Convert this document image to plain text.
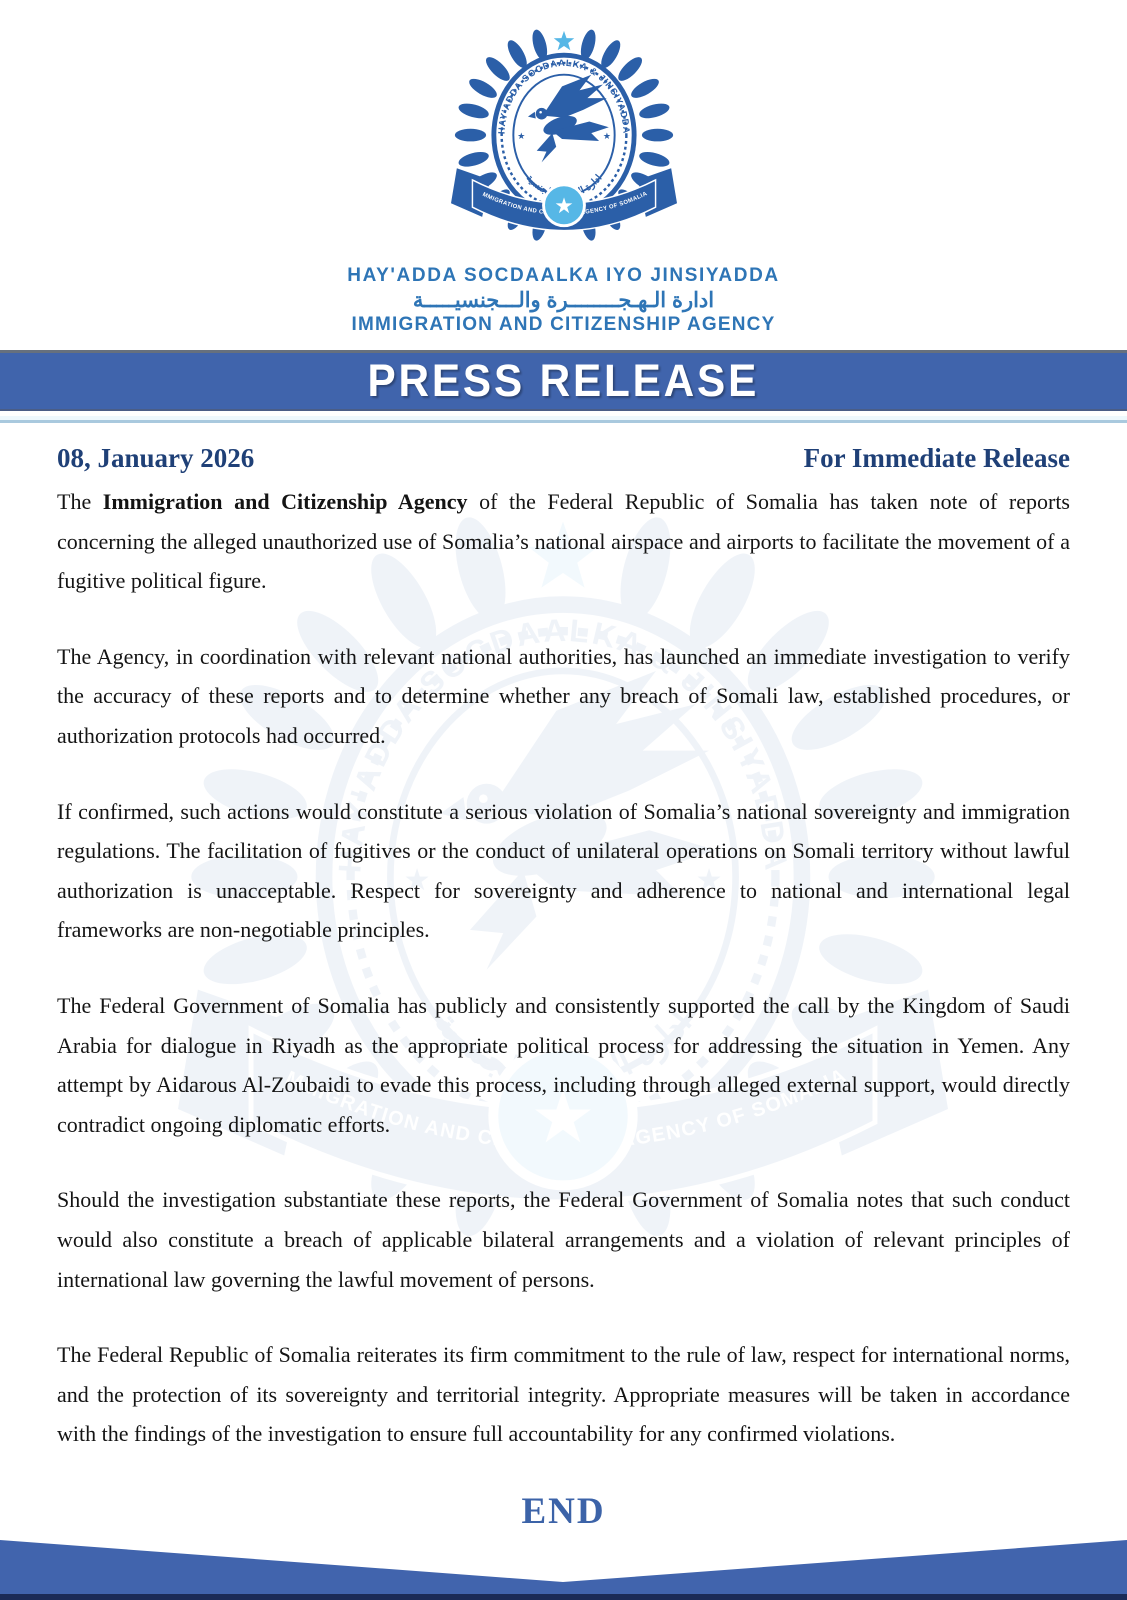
HAY'ADDA SOCDAALKA IYO JINSIYADDA
ادارة الـهـجــــــــرة والـــجنسيـــــة
IMMIGRATION AND CITIZENSHIP AGENCY
PRESS RELEASE
08, January 2026	For Immediate Release

The Immigration and Citizenship Agency of the Federal Republic of Somalia has taken note of reports concerning the alleged unauthorized use of Somalia’s national airspace and airports to facilitate the movement of a fugitive political figure.

The Agency, in coordination with relevant national authorities, has launched an immediate investigation to verify the accuracy of these reports and to determine whether any breach of Somali law, established procedures, or authorization protocols had occurred.

If confirmed, such actions would constitute a serious violation of Somalia’s national sovereignty and immigration regulations. The facilitation of fugitives or the conduct of unilateral operations on Somali territory without lawful authorization is unacceptable. Respect for sovereignty and adherence to national and international legal frameworks are non-negotiable principles.

The Federal Government of Somalia has publicly and consistently supported the call by the Kingdom of Saudi Arabia for dialogue in Riyadh as the appropriate political process for addressing the situation in Yemen. Any attempt by Aidarous Al-Zoubaidi to evade this process, including through alleged external support, would directly contradict ongoing diplomatic efforts.

Should the investigation substantiate these reports, the Federal Government of Somalia notes that such conduct would also constitute a breach of applicable bilateral arrangements and a violation of relevant principles of international law governing the lawful movement of persons.

The Federal Republic of Somalia reiterates its firm commitment to the rule of law, respect for international norms, and the protection of its sovereignty and territorial integrity. Appropriate measures will be taken in accordance with the findings of the investigation to ensure full accountability for any confirmed violations.

END
